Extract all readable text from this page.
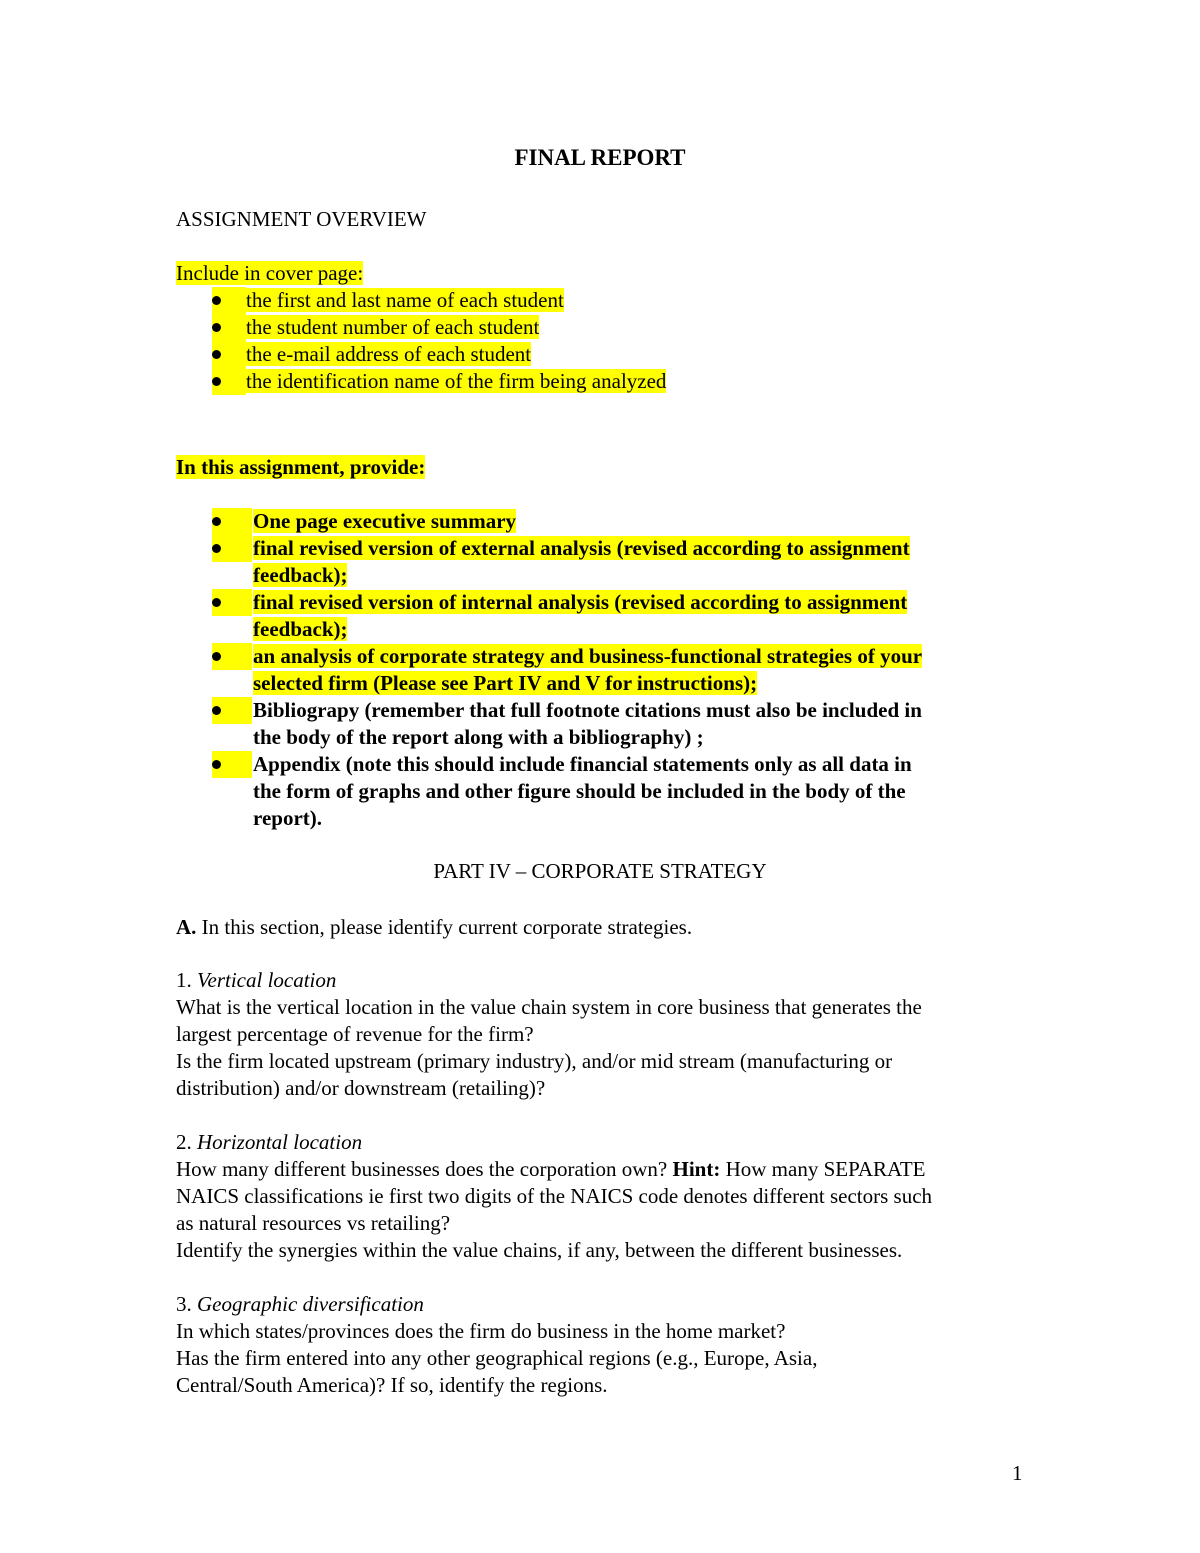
FINAL REPORT
ASSIGNMENT OVERVIEW
Include in cover page:
the first and last name of each student
the student number of each student
the e-mail address of each student
the identification name of the firm being analyzed
In this assignment, provide:
One page executive summary
final revised version of external analysis (revised according to assignment
feedback);
final revised version of internal analysis (revised according to assignment
feedback);
an analysis of corporate strategy and business-functional strategies of your
selected firm (Please see Part IV and V for instructions);
Bibliograpy (remember that full footnote citations must also be included in
the body of the report along with a bibliography) ;
Appendix (note this should include financial statements only as all data in
the form of graphs and other figure should be included in the body of the
report).
PART IV – CORPORATE STRATEGY
A. In this section, please identify current corporate strategies.
1. Vertical location
What is the vertical location in the value chain system in core business that generates the
largest percentage of revenue for the firm?
Is the firm located upstream (primary industry), and/or mid stream (manufacturing or
distribution) and/or downstream (retailing)?
2. Horizontal location
How many different businesses does the corporation own? Hint: How many SEPARATE
NAICS classifications ie first two digits of the NAICS code denotes different sectors such
as natural resources vs retailing?
Identify the synergies within the value chains, if any, between the different businesses.
3. Geographic diversification
In which states/provinces does the firm do business in the home market?
Has the firm entered into any other geographical regions (e.g., Europe, Asia,
Central/South America)? If so, identify the regions.
1
